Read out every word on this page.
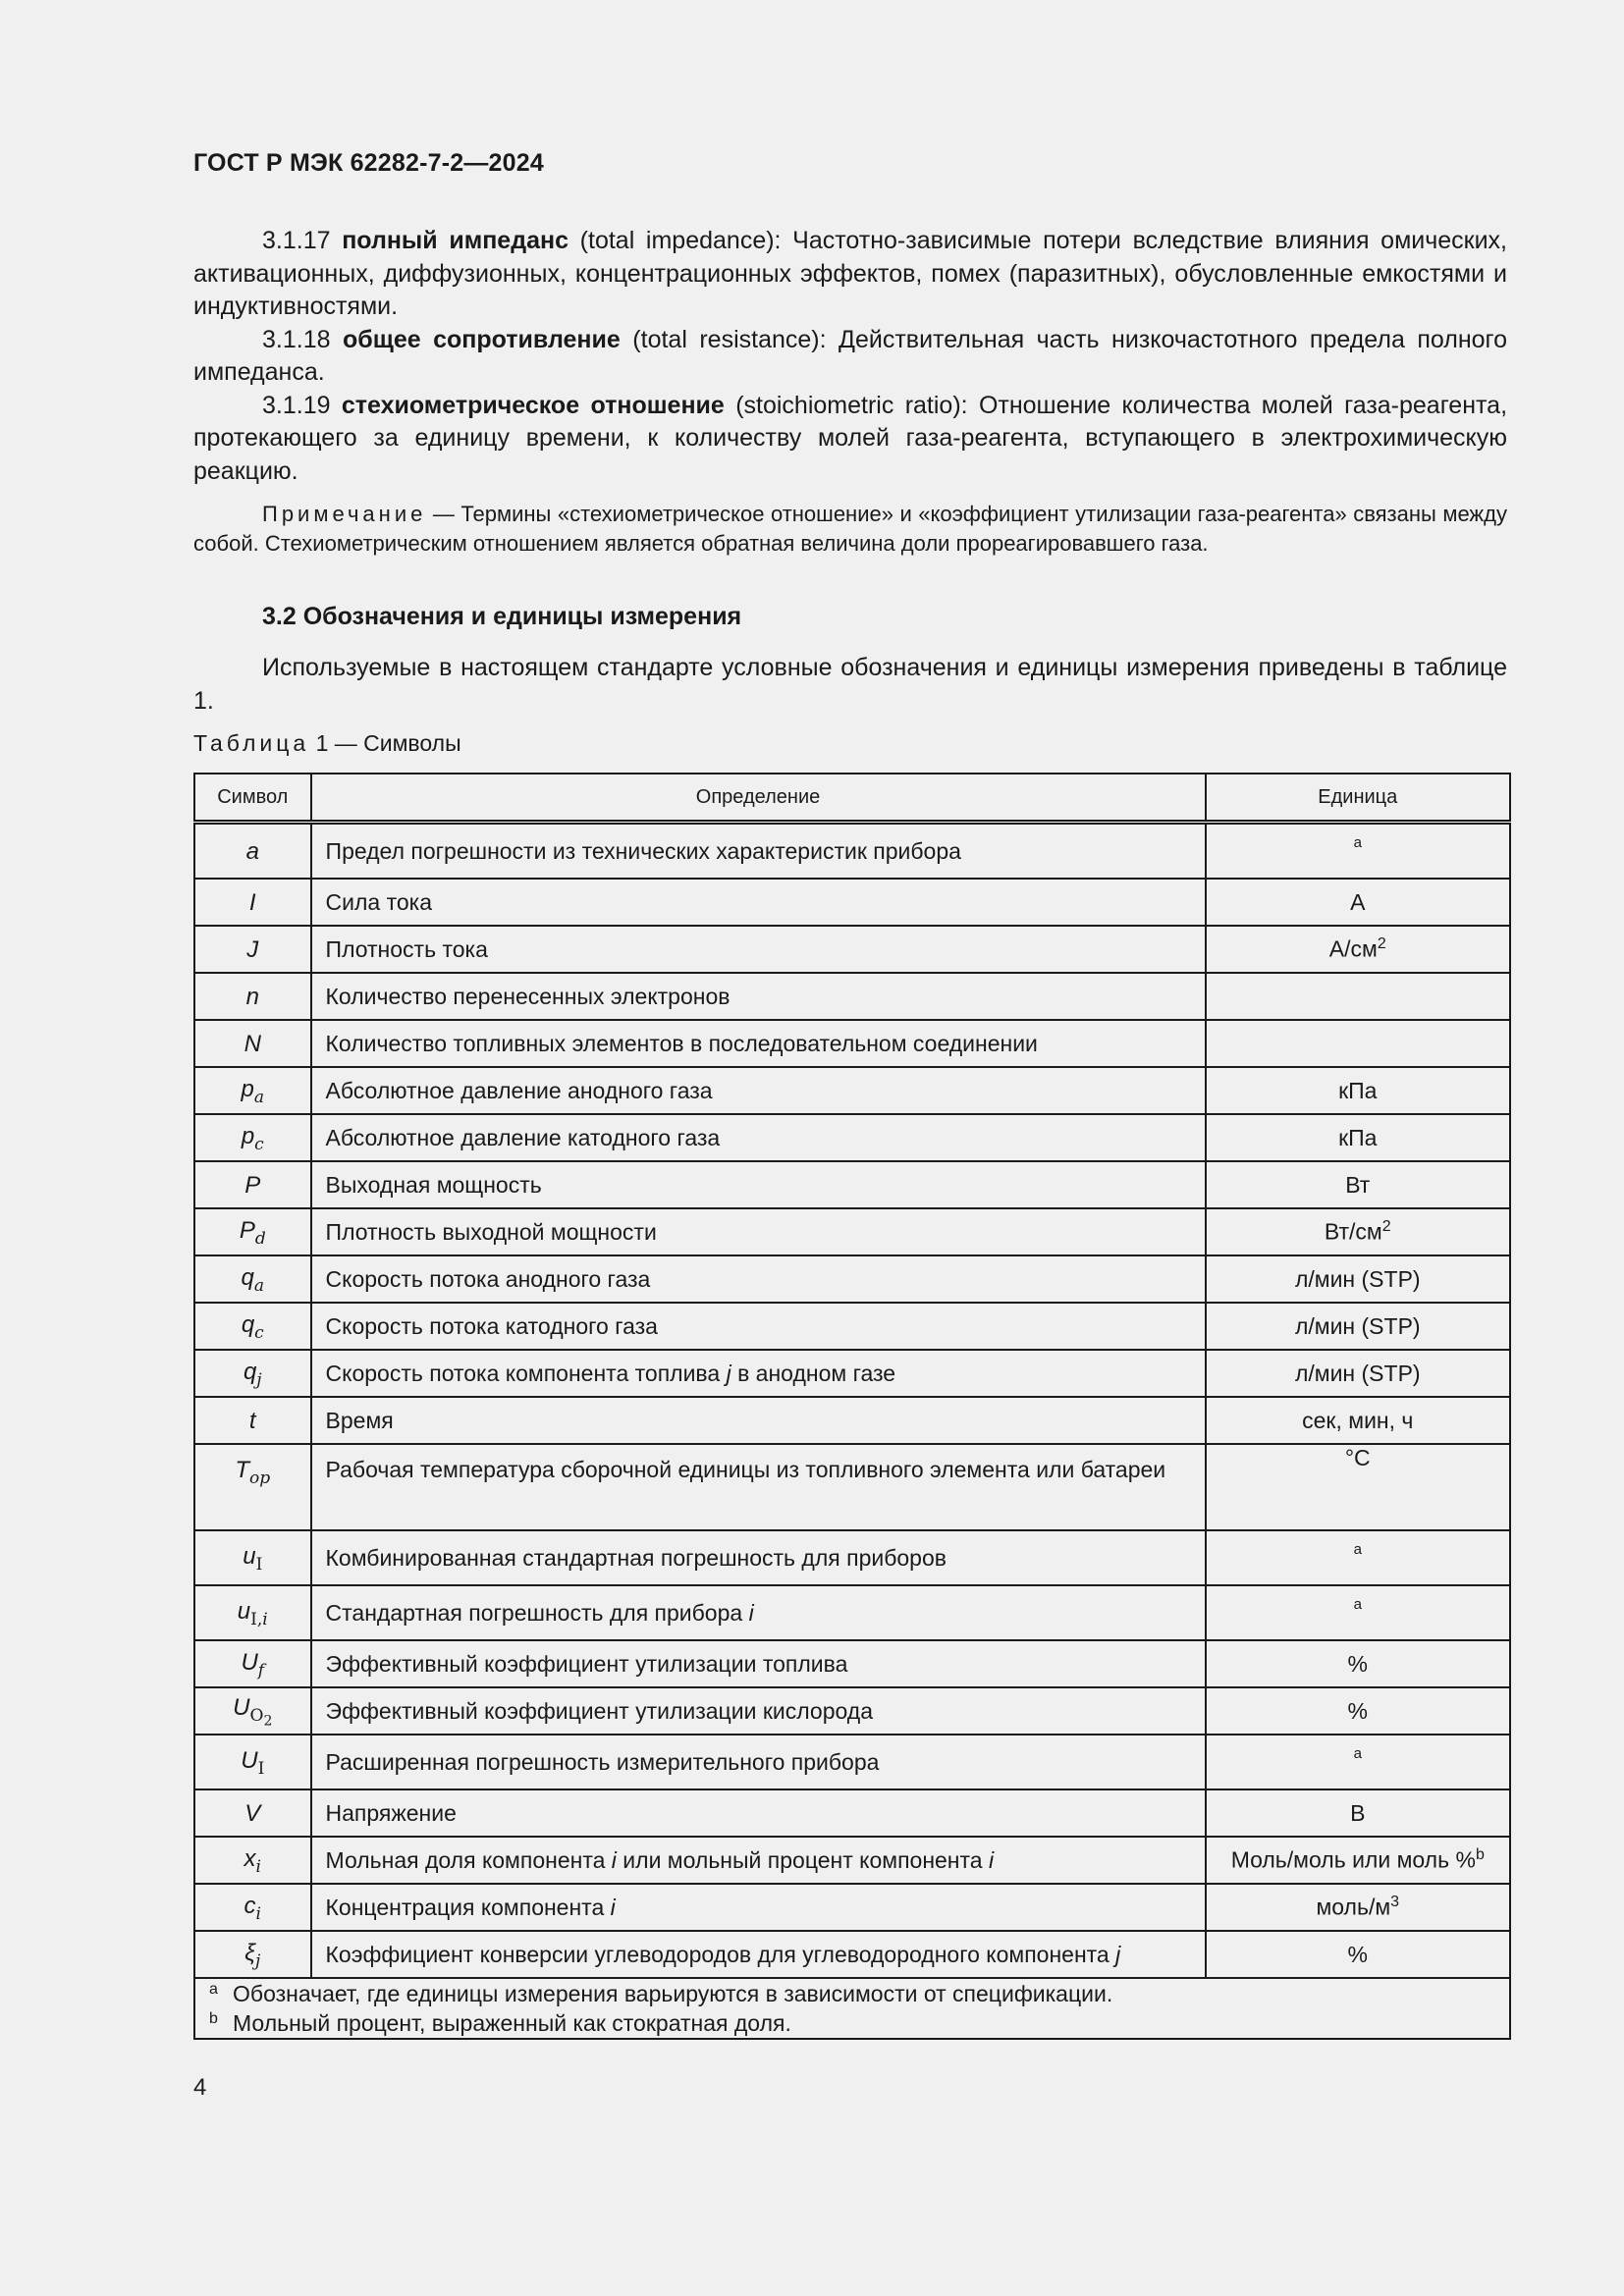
ГОСТ Р МЭК 62282-7-2—2024

3.1.17 полный импеданс (total impedance): Частотно-зависимые потери вследствие влияния омических, активационных, диффузионных, концентрационных эффектов, помех (паразитных), обусловленные емкостями и индуктивностями.

3.1.18 общее сопротивление (total resistance): Действительная часть низкочастотного предела полного импеданса.

3.1.19 стехиометрическое отношение (stoichiometric ratio): Отношение количества молей газа-реагента, протекающего за единицу времени, к количеству молей газа-реагента, вступающего в электрохимическую реакцию.

Примечание — Термины «стехиометрическое отношение» и «коэффициент утилизации газа-реагента» связаны между собой. Стехиометрическим отношением является обратная величина доли прореагировавшего газа.
3.2 Обозначения и единицы измерения
Используемые в настоящем стандарте условные обозначения и единицы измерения приведены в таблице 1.
Таблица 1 — Символы
Символ	Определение	Единица
a	Предел погрешности из технических характеристик прибора	$^a$
I	Сила тока	А
J	Плотность тока	$А/см^2$
n	Количество перенесенных электронов	
N	Количество топливных элементов в последовательном соединении	
$p_a$	Абсолютное давление анодного газа	кПа
$p_c$	Абсолютное давление катодного газа	кПа
P	Выходная мощность	Вт
$P_d$	Плотность выходной мощности	$Вт/см^2$
$q_a$	Скорость потока анодного газа	л/мин (STP)
$q_c$	Скорость потока катодного газа	л/мин (STP)
$q_j$	Скорость потока компонента топлива j в анодном газе	л/мин (STP)
t	Время	сек, мин, ч
$T_{op}$	Рабочая температура сборочной единицы из топливного элемента или батареи	°C
$u_I$	Комбинированная стандартная погрешность для приборов	$^a$
$u_{I,i}$	Стандартная погрешность для прибора i	$^a$
$U_f$	Эффективный коэффициент утилизации топлива	%
$U_{O_2}$	Эффективный коэффициент утилизации кислорода	%
$U_I$	Расширенная погрешность измерительного прибора	$^a$
V	Напряжение	В
$x_i$	Мольная доля компонента i или мольный процент компонента i	Моль/моль или моль %$^b$
$c_i$	Концентрация компонента i	моль/$м^3$
$\xi_j$	Коэффициент конверсии углеводородов для углеводородного компонента j	%

a Обозначает, где единицы измерения варьируются в зависимости от спецификации.
b Мольный процент, выраженный как стократная доля.		
4
